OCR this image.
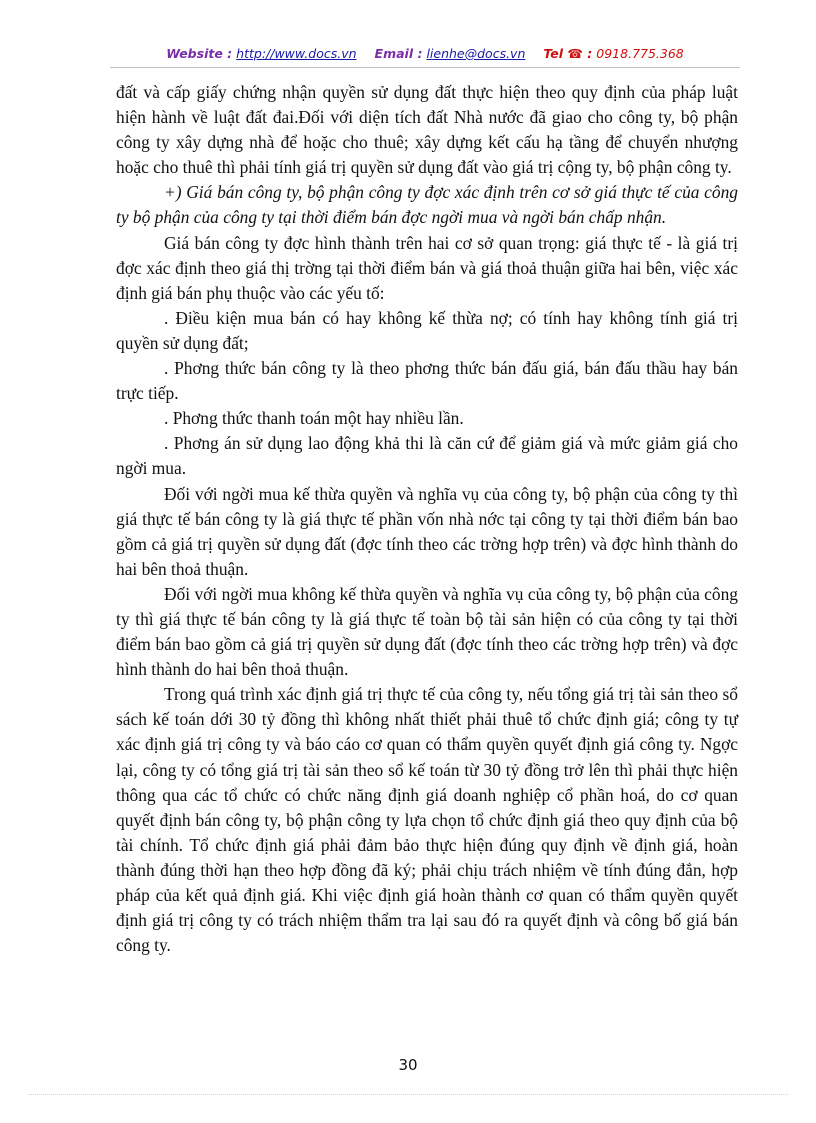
Website : http://www.docs.vn Email : lienhe@docs.vn Tel ☎ : 0918.775.368

đất và cấp giấy chứng nhận quyền sử dụng đất thực hiện theo quy định của pháp luật hiện hành về luật đất đai.Đối với diện tích đất Nhà nước đã giao cho công ty, bộ phận công ty xây dựng nhà để hoặc cho thuê; xây dựng kết cấu hạ tầng để chuyển nhượng hoặc cho thuê thì phải tính giá trị quyền sử dụng đất vào giá trị cộng ty, bộ phận công ty.

+) Giá bán công ty, bộ phận công ty đợc xác định trên cơ sở giá thực tế của công ty bộ phận của công ty tại thời điểm bán đợc ngời mua và ngời bán chấp nhận.

Giá bán công ty đợc hình thành trên hai cơ sở quan trọng: giá thực tế - là giá trị đợc xác định theo giá thị trờng tại thời điểm bán và giá thoả thuận giữa hai bên, việc xác định giá bán phụ thuộc vào các yếu tố:

. Điều kiện mua bán có hay không kế thừa nợ; có tính hay không tính giá trị quyền sử dụng đất;

. Phơng thức bán công ty là theo phơng thức bán đấu giá, bán đấu thầu hay bán trực tiếp.

. Phơng thức thanh toán một hay nhiều lần.

. Phơng án sử dụng lao động khả thi là căn cứ để giảm giá và mức giảm giá cho ngời mua.

Đối với ngời mua kế thừa quyền và nghĩa vụ của công ty, bộ phận của công ty thì giá thực tế bán công ty là giá thực tế phần vốn nhà nớc tại công ty tại thời điểm bán bao gồm cả giá trị quyền sử dụng đất (đợc tính theo các trờng hợp trên) và đợc hình thành do hai bên thoả thuận.

Đối với ngời mua không kế thừa quyền và nghĩa vụ của công ty, bộ phận của công ty thì giá thực tế bán công ty là giá thực tế toàn bộ tài sản hiện có của công ty tại thời điểm bán bao gồm cả giá trị quyền sử dụng đất (đợc tính theo các trờng hợp trên) và đợc hình thành do hai bên thoả thuận.

Trong quá trình xác định giá trị thực tế của công ty, nếu tổng giá trị tài sản theo sổ sách kế toán dới 30 tỷ đồng thì không nhất thiết phải thuê tổ chức định giá; công ty tự xác định giá trị công ty và báo cáo cơ quan có thẩm quyền quyết định giá công ty. Ngợc lại, công ty có tổng giá trị tài sản theo sổ kế toán từ 30 tỷ đồng trở lên thì phải thực hiện thông qua các tổ chức có chức năng định giá doanh nghiệp cổ phần hoá, do cơ quan quyết định bán công ty, bộ phận công ty lựa chọn tổ chức định giá theo quy định của bộ tài chính. Tổ chức định giá phải đảm bảo thực hiện đúng quy định về định giá, hoàn thành đúng thời hạn theo hợp đồng đã ký; phải chịu trách nhiệm về tính đúng đắn, hợp pháp của kết quả định giá. Khi việc định giá hoàn thành cơ quan có thẩm quyền quyết định giá trị công ty có trách nhiệm thẩm tra lại sau đó ra quyết định và công bố giá bán công ty.

30
